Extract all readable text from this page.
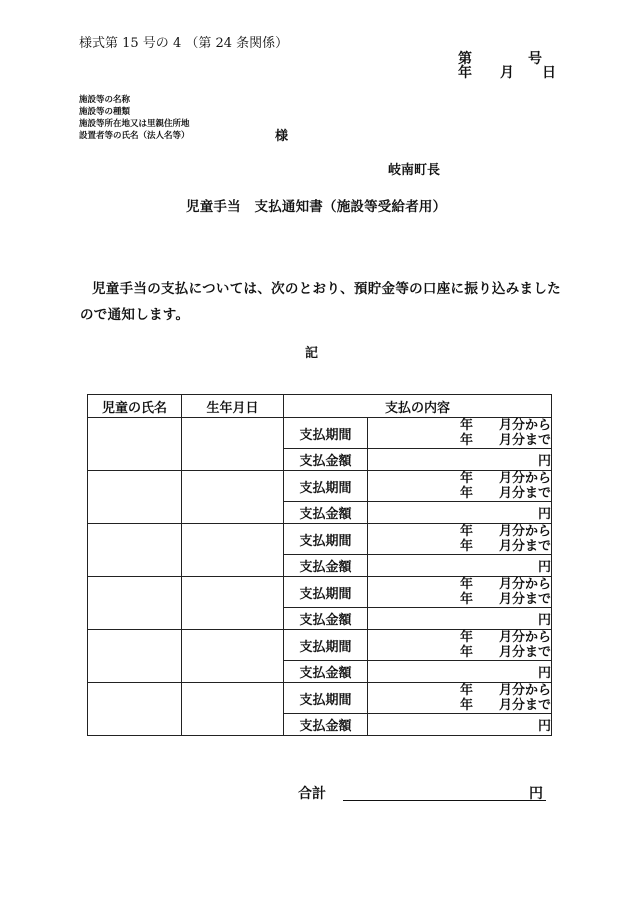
様式第 15 号の 4 （第 24 条関係）
第　　　　号
年　　月　　日
施設等の名称
施設等の種類
施設等所在地又は里親住所地
設置者等の氏名（法人名等）	様
岐南町長
児童手当　支払通知書（施設等受給者用）
児童手当の支払については、次のとおり、預貯金等の口座に振り込みました
ので通知します。
記
児童の氏名	生年月日	支払の内容	
		支払期間	年　　月分から
年　　月分まで

		支払金額	円
		支払期間	年　　月分から
年　　月分まで

		支払金額	円
		支払期間	年　　月分から
年　　月分まで

		支払金額	円
		支払期間	年　　月分から
年　　月分まで

		支払金額	円
		支払期間	年　　月分から
年　　月分まで

		支払金額	円
		支払期間	年　　月分から
年　　月分まで

		支払金額	円
合計	円
